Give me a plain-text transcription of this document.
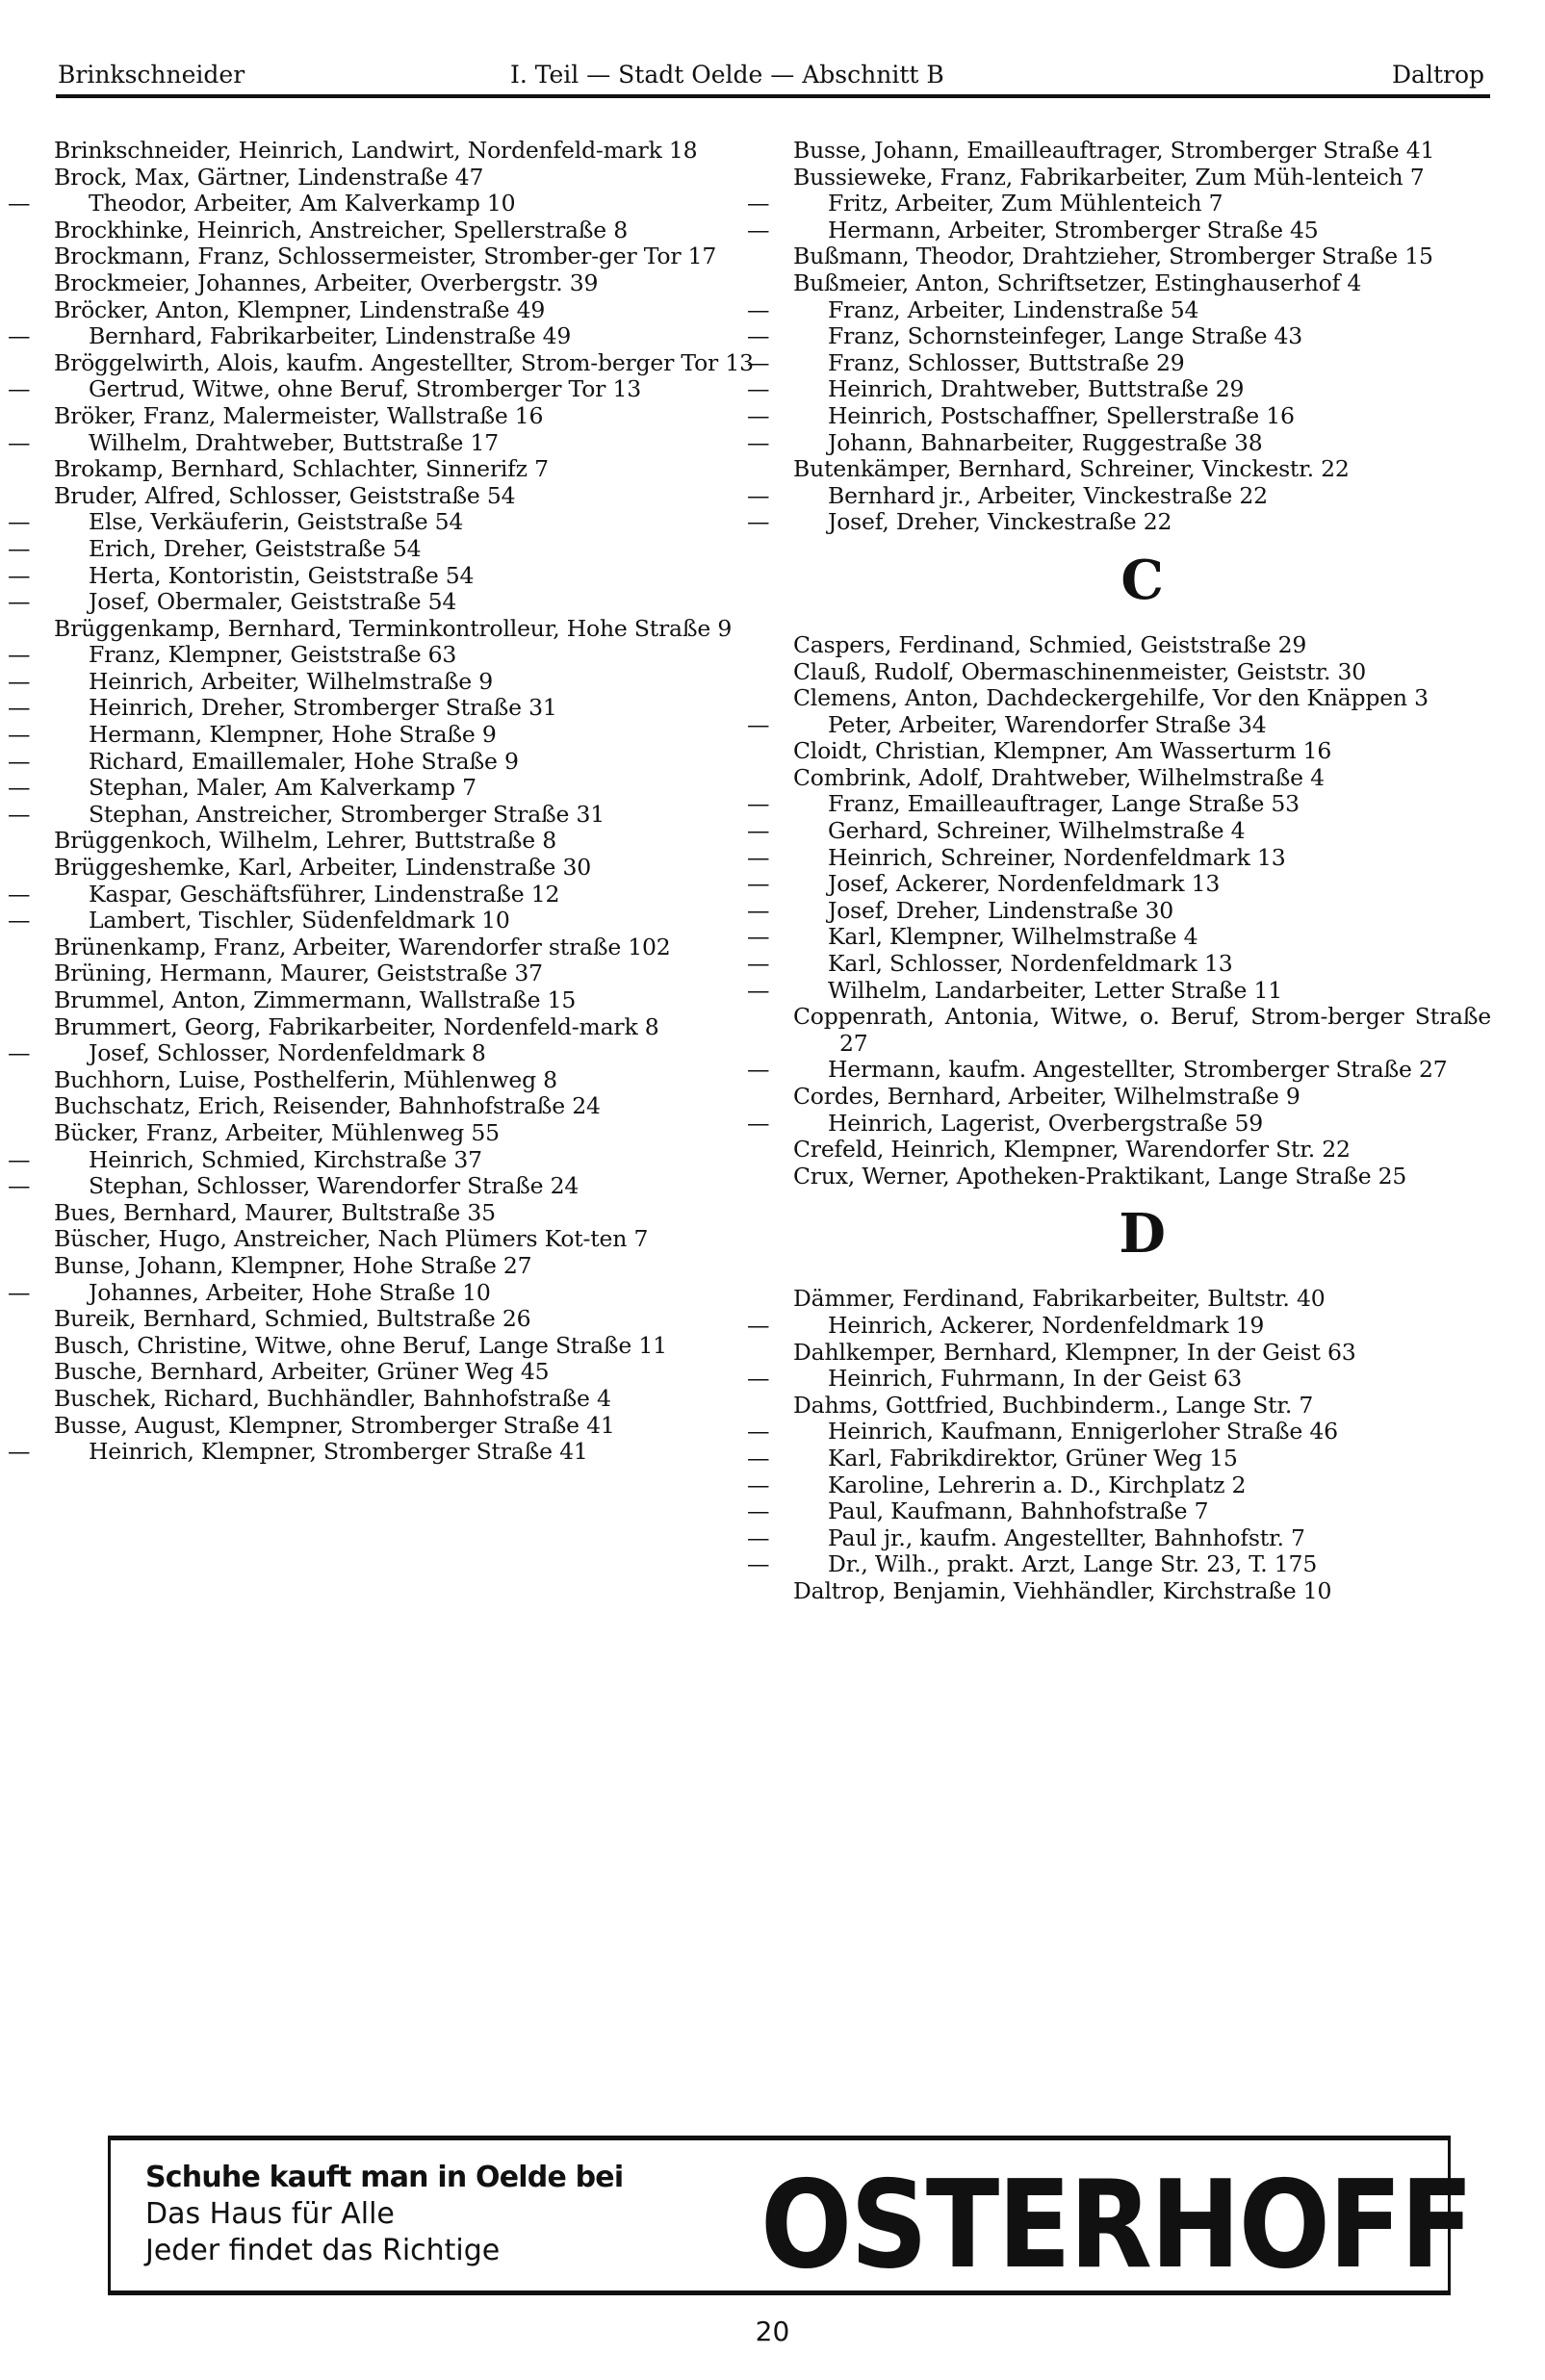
Brinkschneider	I. Teil — Stadt Oelde — Abschnitt B	Daltrop

Brinkschneider, Heinrich, Landwirt, Nordenfeld-mark 18

Brock, Max, Gärtner, Lindenstraße 47

—	Theodor, Arbeiter, Am Kalverkamp 10

Brockhinke, Heinrich, Anstreicher, Spellerstraße 8

Brockmann, Franz, Schlossermeister, Stromber-ger Tor 17

Brockmeier, Johannes, Arbeiter, Overbergstr. 39

Bröcker, Anton, Klempner, Lindenstraße 49

—	Bernhard, Fabrikarbeiter, Lindenstraße 49

Bröggelwirth, Alois, kaufm. Angestellter, Strom-berger Tor 13

—	Gertrud, Witwe, ohne Beruf, Stromberger Tor 13

Bröker, Franz, Malermeister, Wallstraße 16

—	Wilhelm, Drahtweber, Buttstraße 17

Brokamp, Bernhard, Schlachter, Sinnerifz 7

Bruder, Alfred, Schlosser, Geiststraße 54

—	Else, Verkäuferin, Geiststraße 54

—	Erich, Dreher, Geiststraße 54

—	Herta, Kontoristin, Geiststraße 54

—	Josef, Obermaler, Geiststraße 54

Brüggenkamp, Bernhard, Terminkontrolleur, Hohe Straße 9

—	Franz, Klempner, Geiststraße 63

—	Heinrich, Arbeiter, Wilhelmstraße 9

—	Heinrich, Dreher, Stromberger Straße 31

—	Hermann, Klempner, Hohe Straße 9

—	Richard, Emaillemaler, Hohe Straße 9

—	Stephan, Maler, Am Kalverkamp 7

—	Stephan, Anstreicher, Stromberger Straße 31

Brüggenkoch, Wilhelm, Lehrer, Buttstraße 8

Brüggeshemke, Karl, Arbeiter, Lindenstraße 30

—	Kaspar, Geschäftsführer, Lindenstraße 12

—	Lambert, Tischler, Südenfeldmark 10

Brünenkamp, Franz, Arbeiter, Warendorfer straße 102

Brüning, Hermann, Maurer, Geiststraße 37

Brummel, Anton, Zimmermann, Wallstraße 15

Brummert, Georg, Fabrikarbeiter, Nordenfeld-mark 8

—	Josef, Schlosser, Nordenfeldmark 8

Buchhorn, Luise, Posthelferin, Mühlenweg 8

Buchschatz, Erich, Reisender, Bahnhofstraße 24

Bücker, Franz, Arbeiter, Mühlenweg 55

—	Heinrich, Schmied, Kirchstraße 37

—	Stephan, Schlosser, Warendorfer Straße 24

Bues, Bernhard, Maurer, Bultstraße 35

Büscher, Hugo, Anstreicher, Nach Plümers Kot-ten 7

Bunse, Johann, Klempner, Hohe Straße 27

—	Johannes, Arbeiter, Hohe Straße 10

Bureik, Bernhard, Schmied, Bultstraße 26

Busch, Christine, Witwe, ohne Beruf, Lange Straße 11

Busche, Bernhard, Arbeiter, Grüner Weg 45

Buschek, Richard, Buchhändler, Bahnhofstraße 4

Busse, August, Klempner, Stromberger Straße 41

—	Heinrich, Klempner, Stromberger Straße 41

Busse, Johann, Emailleauftrager, Stromberger Straße 41

Bussieweke, Franz, Fabrikarbeiter, Zum Müh-lenteich 7

—	Fritz, Arbeiter, Zum Mühlenteich 7

—	Hermann, Arbeiter, Stromberger Straße 45

Bußmann, Theodor, Drahtzieher, Stromberger Straße 15

Bußmeier, Anton, Schriftsetzer, Estinghauserhof 4

—	Franz, Arbeiter, Lindenstraße 54

—	Franz, Schornsteinfeger, Lange Straße 43

—	Franz, Schlosser, Buttstraße 29

—	Heinrich, Drahtweber, Buttstraße 29

—	Heinrich, Postschaffner, Spellerstraße 16

—	Johann, Bahnarbeiter, Ruggestraße 38

Butenkämper, Bernhard, Schreiner, Vinckestr. 22

—	Bernhard jr., Arbeiter, Vinckestraße 22

—	Josef, Dreher, Vinckestraße 22

C

Caspers, Ferdinand, Schmied, Geiststraße 29

Clauß, Rudolf, Obermaschinenmeister, Geiststr. 30

Clemens, Anton, Dachdeckergehilfe, Vor den Knäppen 3

—	Peter, Arbeiter, Warendorfer Straße 34

Cloidt, Christian, Klempner, Am Wasserturm 16

Combrink, Adolf, Drahtweber, Wilhelmstraße 4

—	Franz, Emailleauftrager, Lange Straße 53

—	Gerhard, Schreiner, Wilhelmstraße 4

—	Heinrich, Schreiner, Nordenfeldmark 13

—	Josef, Ackerer, Nordenfeldmark 13

—	Josef, Dreher, Lindenstraße 30

—	Karl, Klempner, Wilhelmstraße 4

—	Karl, Schlosser, Nordenfeldmark 13

—	Wilhelm, Landarbeiter, Letter Straße 11

Coppenrath, Antonia, Witwe, o. Beruf, Strom-berger Straße 27

—	Hermann, kaufm. Angestellter, Stromberger Straße 27

Cordes, Bernhard, Arbeiter, Wilhelmstraße 9

—	Heinrich, Lagerist, Overbergstraße 59

Crefeld, Heinrich, Klempner, Warendorfer Str. 22

Crux, Werner, Apotheken-Praktikant, Lange Straße 25

D

Dämmer, Ferdinand, Fabrikarbeiter, Bultstr. 40

—	Heinrich, Ackerer, Nordenfeldmark 19

Dahlkemper, Bernhard, Klempner, In der Geist 63

—	Heinrich, Fuhrmann, In der Geist 63

Dahms, Gottfried, Buchbinderm., Lange Str. 7

—	Heinrich, Kaufmann, Ennigerloher Straße 46

—	Karl, Fabrikdirektor, Grüner Weg 15

—	Karoline, Lehrerin a. D., Kirchplatz 2

—	Paul, Kaufmann, Bahnhofstraße 7

—	Paul jr., kaufm. Angestellter, Bahnhofstr. 7

—	Dr., Wilh., prakt. Arzt, Lange Str. 23, T. 175

Daltrop, Benjamin, Viehhändler, Kirchstraße 10

Schuhe kauft man in Oelde bei
Das Haus für Alle
Jeder findet das Richtige	OSTERHOFF
20
